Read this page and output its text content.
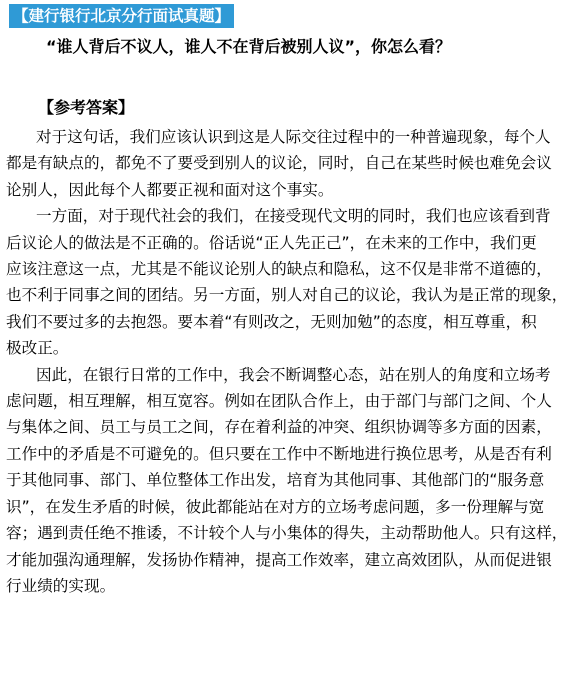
【建行银行北京分行面试真题】
“谁人背后不议人，谁人不在背后被别人议”，你怎么看？
【参考答案】

对于这句话，我们应该认识到这是人际交往过程中的一种普遍现象，每个人
都是有缺点的，都免不了要受到别人的议论，同时，自己在某些时候也难免会议
论别人，因此每个人都要正视和面对这个事实。

一方面，对于现代社会的我们，在接受现代文明的同时，我们也应该看到背
后议论人的做法是不正确的。俗话说“正人先正己”，在未来的工作中，我们更
应该注意这一点，尤其是不能议论别人的缺点和隐私，这不仅是非常不道德的，
也不利于同事之间的团结。另一方面，别人对自己的议论，我认为是正常的现象，
我们不要过多的去抱怨。要本着“有则改之，无则加勉”的态度，相互尊重，积
极改正。

因此，在银行日常的工作中，我会不断调整心态，站在别人的角度和立场考
虑问题，相互理解，相互宽容。例如在团队合作上，由于部门与部门之间、个人
与集体之间、员工与员工之间，存在着利益的冲突、组织协调等多方面的因素，
工作中的矛盾是不可避免的。但只要在工作中不断地进行换位思考，从是否有利
于其他同事、部门、单位整体工作出发，培育为其他同事、其他部门的“服务意
识”，在发生矛盾的时候，彼此都能站在对方的立场考虑问题，多一份理解与宽
容；遇到责任绝不推诿，不计较个人与小集体的得失，主动帮助他人。只有这样，
才能加强沟通理解，发扬协作精神，提高工作效率，建立高效团队，从而促进银
行业绩的实现。
